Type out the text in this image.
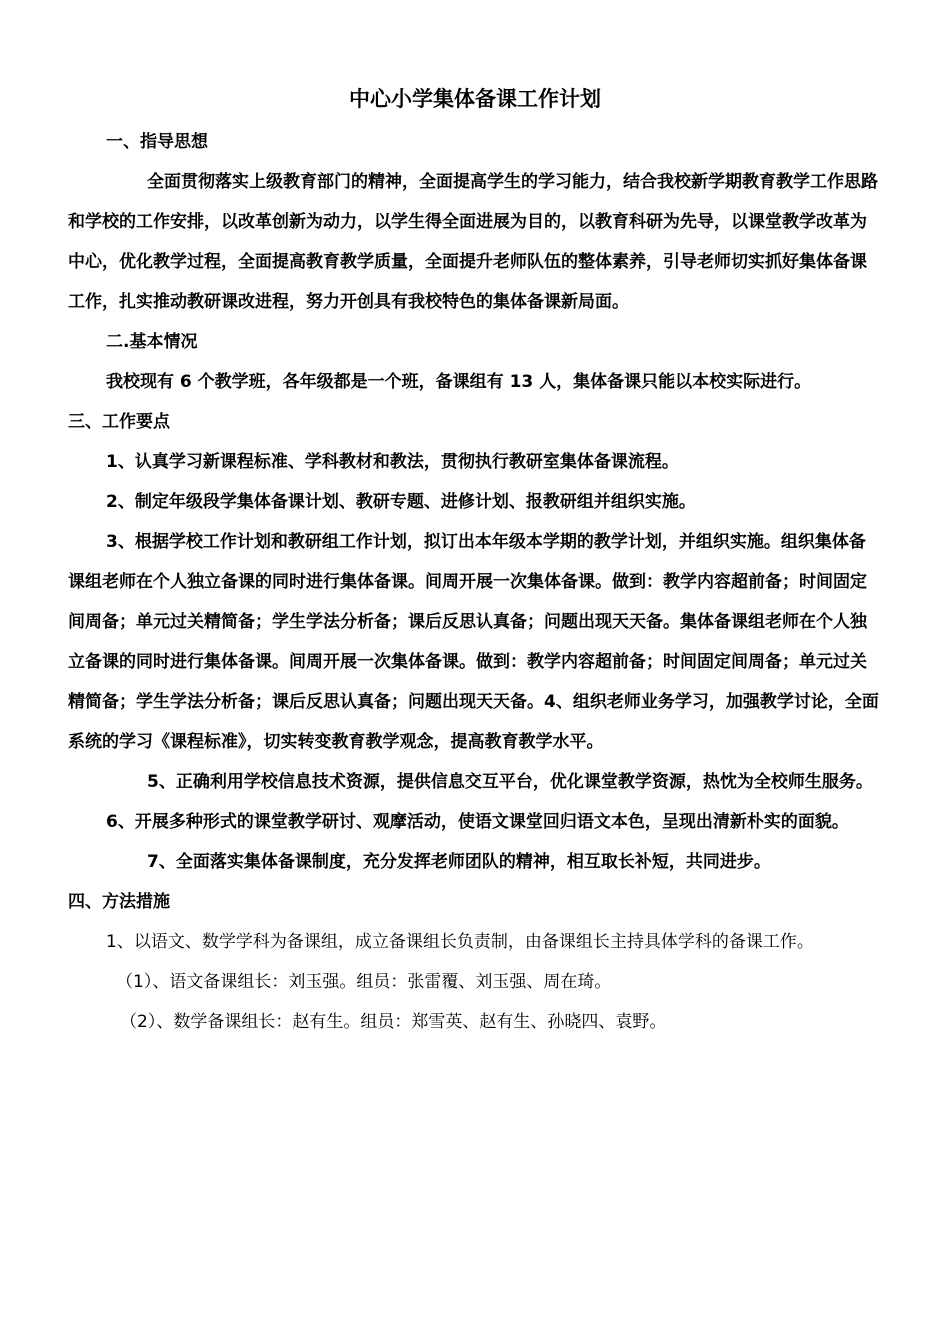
中心小学集体备课工作计划

一、指导思想

全面贯彻落实上级教育部门的精神，全面提高学生的学习能力，结合我校新学期教育教学工作思路和学校的工作安排，以改革创新为动力，以学生得全面进展为目的，以教育科研为先导，以课堂教学改革为中心，优化教学过程，全面提高教育教学质量，全面提升老师队伍的整体素养，引导老师切实抓好集体备课工作，扎实推动教研课改进程，努力开创具有我校特色的集体备课新局面。

二.基本情况

我校现有 6 个教学班，各年级都是一个班，备课组有 13 人，集体备课只能以本校实际进行。

三、工作要点

1、认真学习新课程标准、学科教材和教法，贯彻执行教研室集体备课流程。

2、制定年级段学集体备课计划、教研专题、进修计划、报教研组并组织实施。

3、根据学校工作计划和教研组工作计划，拟订出本年级本学期的教学计划，并组织实施。组织集体备课组老师在个人独立备课的同时进行集体备课。间周开展一次集体备课。做到：教学内容超前备；时间固定间周备；单元过关精简备；学生学法分析备；课后反思认真备；问题出现天天备。集体备课组老师在个人独立备课的同时进行集体备课。间周开展一次集体备课。做到：教学内容超前备；时间固定间周备；单元过关精简备；学生学法分析备；课后反思认真备；问题出现天天备。4、组织老师业务学习，加强教学讨论，全面系统的学习《课程标准》，切实转变教育教学观念，提高教育教学水平。

5、正确利用学校信息技术资源，提供信息交互平台，优化课堂教学资源，热忱为全校师生服务。

6、开展多种形式的课堂教学研讨、观摩活动，使语文课堂回归语文本色，呈现出清新朴实的面貌。

7、全面落实集体备课制度，充分发挥老师团队的精神，相互取长补短，共同进步。

四、方法措施

1、以语文、数学学科为备课组，成立备课组长负责制，由备课组长主持具体学科的备课工作。

（1）、语文备课组长：刘玉强。组员：张雷覆、刘玉强、周在琦。

（2）、数学备课组长：赵有生。组员：郑雪英、赵有生、孙晓四、袁野。
